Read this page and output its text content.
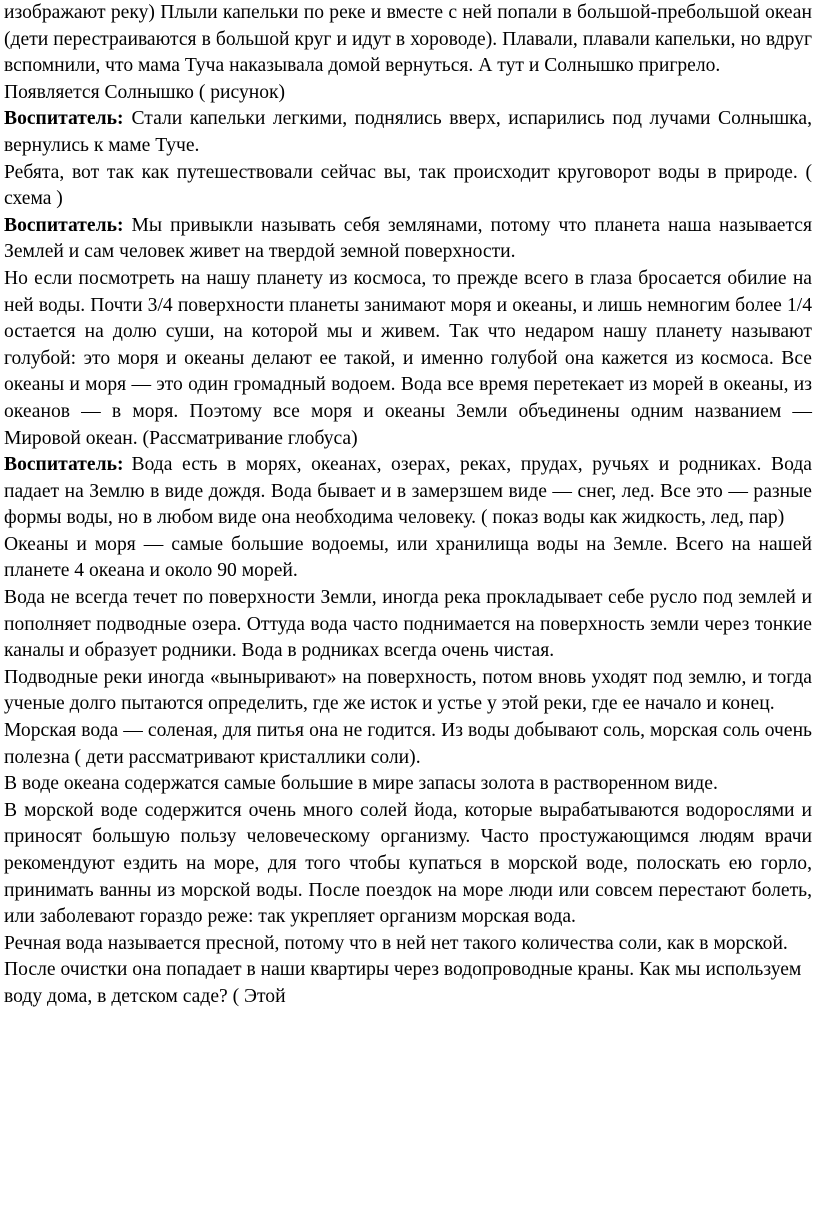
изображают реку) Плыли капельки по реке и вместе с ней попали в большой-пребольшой океан (дети перестраиваются в большой круг и идут в хороводе). Плавали, плавали капельки, но вдруг вспомнили, что мама Туча наказывала домой вернуться. А тут и Солнышко пригрело.

Появляется Солнышко ( рисунок)

Воспитатель: Стали капельки легкими, поднялись вверх, испарились под лучами Солнышка, вернулись к маме Туче.

Ребята, вот так как путешествовали сейчас вы, так происходит круговорот воды в природе. ( схема )

Воспитатель: Мы привыкли называть себя землянами, потому что планета наша называется Землей и сам человек живет на твердой земной поверхности.

Но если посмотреть на нашу планету из космоса, то прежде всего в глаза бросается обилие на ней воды. Почти 3/4 поверхности планеты занимают моря и океаны, и лишь немногим более 1/4 остается на долю суши, на которой мы и живем. Так что недаром нашу планету называют голубой: это моря и океаны делают ее такой, и именно голубой она кажется из космоса. Все океаны и моря — это один громадный водоем. Вода все время перетекает из морей в океаны, из океанов — в моря. Поэтому все моря и океаны Земли объединены одним названием — Мировой океан. (Рассматривание глобуса)

Воспитатель: Вода есть в морях, океанах, озерах, реках, прудах, ручьях и родниках. Вода падает на Землю в виде дождя. Вода бывает и в замерзшем виде — снег, лед. Все это — разные формы воды, но в любом виде она необходима человеку. ( показ воды как жидкость, лед, пар)

Океаны и моря — самые большие водоемы, или хранилища воды на Земле. Всего на нашей планете 4 океана и около 90 морей.

Вода не всегда течет по поверхности Земли, иногда река прокладывает себе русло под землей и пополняет подводные озера. Оттуда вода часто поднимается на поверхность земли через тонкие каналы и образует родники. Вода в родниках всегда очень чистая.

Подводные реки иногда «выныривают» на поверхность, потом вновь уходят под землю, и тогда ученые долго пытаются определить, где же исток и устье у этой реки, где ее начало и конец.

Морская вода — соленая, для питья она не годится. Из воды добывают соль, морская соль очень полезна ( дети рассматривают кристаллики соли).

В воде океана содержатся самые большие в мире запасы золота в растворенном виде.

В морской воде содержится очень много солей йода, которые вырабатываются водорослями и приносят большую пользу человеческому организму. Часто простужающимся людям врачи рекомендуют ездить на море, для того чтобы купаться в морской воде, полоскать ею горло, принимать ванны из морской воды. После поездок на море люди или совсем перестают болеть, или заболевают гораздо реже: так укрепляет организм морская вода.

Речная вода называется пресной, потому что в ней нет такого количества соли, как в морской. После очистки она попадает в наши квартиры через водопроводные краны. Как мы используем воду дома, в детском саде? ( Этой
